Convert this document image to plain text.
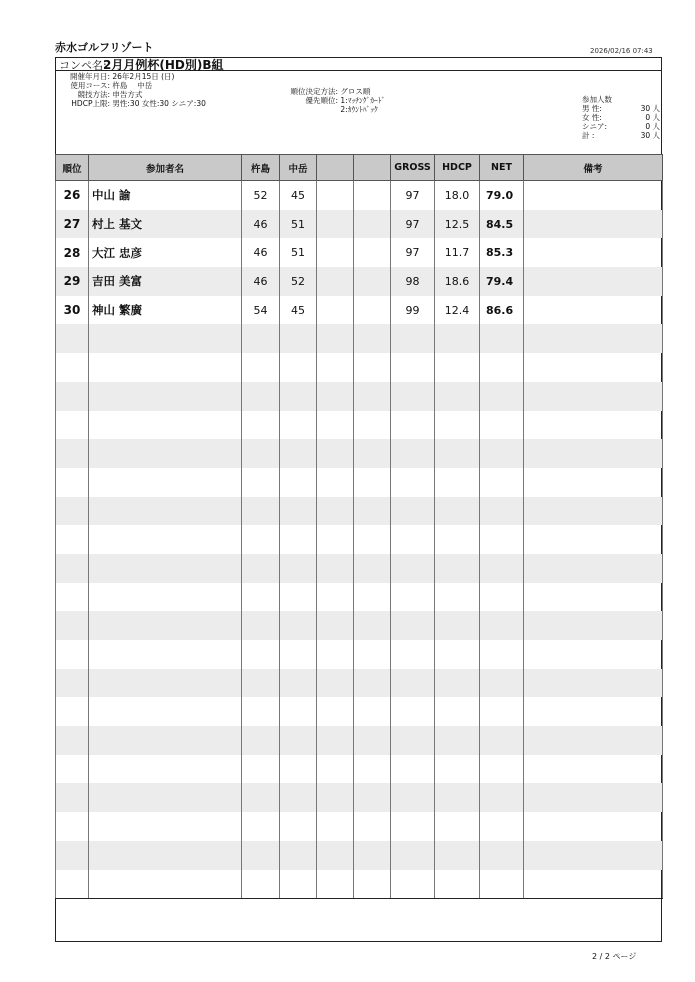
赤水ゴルフリゾート	2026/02/16 07:43
コンペ名:
2月月例杯(HD別)B組
開催年月日: 26年2月15日 (日)
使用コース: 杵島　 中岳
競技方法: 申告方式
HDCP上限: 男性:30 女性:30 シニア:30
順位決定方法: グロス順
優先順位: 1:ﾏｯﾁﾝｸﾞｶｰﾄﾞ
2:ｶｳﾝﾄﾊﾞｯｸ
参加人数
男 性:	30 人
女 性:	0 人
シニア:	0 人
計 :	30 人
順位	参加者名	杵島	中岳			GROSS	HDCP	NET	備考
26	中山 諭	52	45			97	18.0	79.0	
27	村上 基文	46	51			97	12.5	84.5	
28	大江 忠彦	46	51			97	11.7	85.3	
29	吉田 美富	46	52			98	18.6	79.4	
30	神山 繁廣	54	45			99	12.4	86.6	

2 / 2 ページ
